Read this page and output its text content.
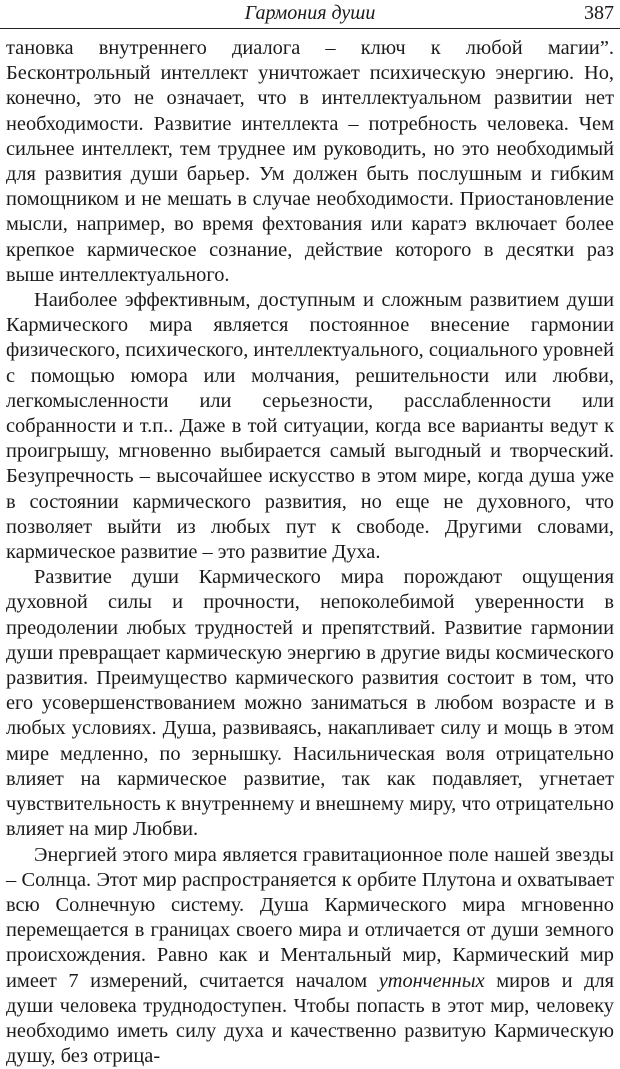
Гармония души	387

тановка внутреннего диалога – ключ к любой магии”. Бесконтрольный интеллект уничтожает психическую энергию. Но, конечно, это не означает, что в интеллектуальном развитии нет необходимости. Развитие интеллекта – потребность человека. Чем сильнее интеллект, тем труднее им руководить, но это необходимый для развития души барьер. Ум должен быть послушным и гибким помощником и не мешать в случае необходимости. Приостановление мысли, например, во время фехтования или каратэ включает более крепкое кармическое сознание, действие которого в десятки раз выше интеллектуального.

Наиболее эффективным, доступным и сложным развитием души Кармического мира является постоянное внесение гармонии физического, психического, интеллектуального, социального уровней с помощью юмора или молчания, решительности или любви, легкомысленности или серьезности, расслабленности или собранности и т.п.. Даже в той ситуации, когда все варианты ведут к проигрышу, мгновенно выбирается самый выгодный и творческий. Безупречность – высочайшее искусство в этом мире, когда душа уже в состоянии кармического развития, но еще не духовного, что позволяет выйти из любых пут к свободе. Другими словами, кармическое развитие – это развитие Духа.

Развитие души Кармического мира порождают ощущения духовной силы и прочности, непоколебимой уверенности в преодолении любых трудностей и препятствий. Развитие гармонии души превращает кармическую энергию в другие виды космического развития. Преимущество кармического развития состоит в том, что его усовершенствованием можно заниматься в любом возрасте и в любых условиях. Душа, развиваясь, накапливает силу и мощь в этом мире медленно, по зернышку. Насильническая воля отрицательно влияет на кармическое развитие, так как подавляет, угнетает чувствительность к внутреннему и внешнему миру, что отрицательно влияет на мир Любви.

Энергией этого мира является гравитационное поле нашей звезды – Солнца. Этот мир распространяется к орбите Плутона и охватывает всю Солнечную систему. Душа Кармического мира мгновенно перемещается в границах своего мира и отличается от души земного происхождения. Равно как и Ментальный мир, Кармический мир имеет 7 измерений, считается началом утонченных миров и для души человека труднодоступен. Чтобы попасть в этот мир, человеку необходимо иметь силу духа и качественно развитую Кармическую душу, без отрица-
